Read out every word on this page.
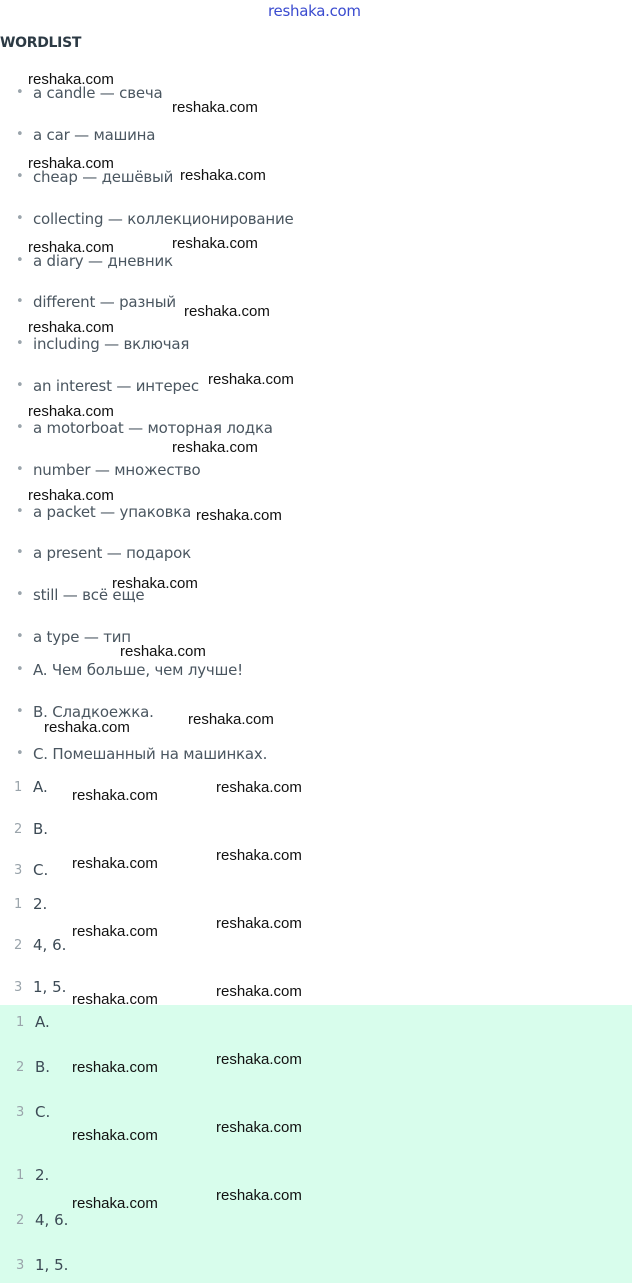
reshaka.com
WORDLIST
• a candle — свеча
• a car — машина
• cheap — дешёвый
• collecting — коллекционирование
• a diary — дневник
• different — разный
• including — включая
• an interest — интерес
• a motorboat — моторная лодка
• number — множество
• a packet — упаковка
• a present — подарок
• still — всё еще
• a type — тип
• A. Чем больше, чем лучше!
• B. Сладкоежка.
• C. Помешанный на машинках.
1 A.
2 B.
3 C.
1 2.
2 4, 6.
3 1, 5.
1 A.
2 B.
3 C.
1 2.
2 4, 6.
3 1, 5.
reshaka.com
reshaka.com
reshaka.com
reshaka.com
reshaka.com	reshaka.com
reshaka.com
reshaka.com
reshaka.com
reshaka.com
reshaka.com
reshaka.com
reshaka.com
reshaka.com
reshaka.com
reshaka.com
reshaka.com
reshaka.com
reshaka.com
reshaka.com
reshaka.com
reshaka.com
reshaka.com
reshaka.com
reshaka.com
reshaka.com
reshaka.com
reshaka.com
reshaka.com
reshaka.com
reshaka.com
